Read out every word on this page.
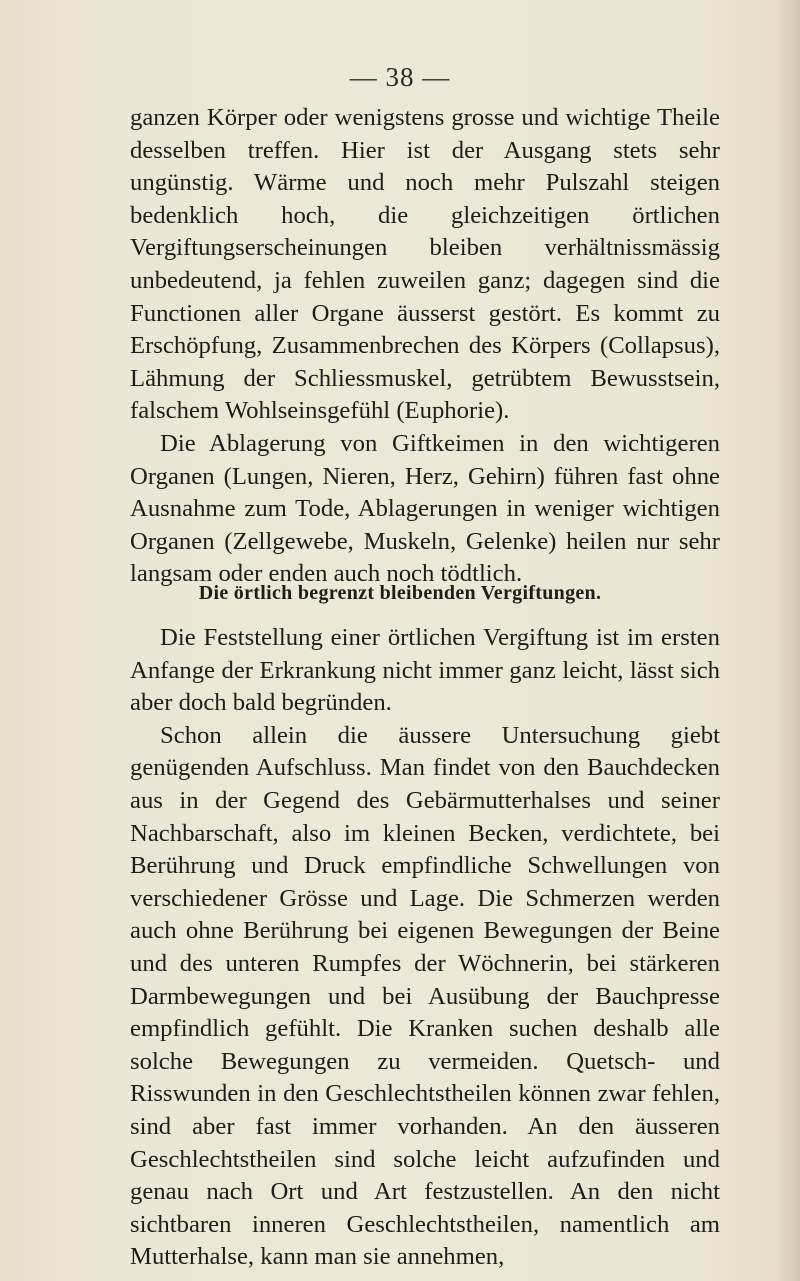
— 38 —

ganzen Körper oder wenigstens grosse und wichtige Theile desselben treffen. Hier ist der Ausgang stets sehr ungünstig. Wärme und noch mehr Pulszahl steigen bedenklich hoch, die gleichzeitigen örtlichen Vergiftungserscheinungen bleiben verhältnissmässig unbedeutend, ja fehlen zuweilen ganz; dagegen sind die Functionen aller Organe äusserst gestört. Es kommt zu Erschöpfung, Zusammenbrechen des Körpers (Collapsus), Lähmung der Schliessmuskel, getrübtem Bewusstsein, falschem Wohlseinsgefühl (Euphorie).

Die Ablagerung von Giftkeimen in den wichtigeren Organen (Lungen, Nieren, Herz, Gehirn) führen fast ohne Ausnahme zum Tode, Ablagerungen in weniger wichtigen Organen (Zellgewebe, Muskeln, Gelenke) heilen nur sehr langsam oder enden auch noch tödtlich.

Die örtlich begrenzt bleibenden Vergiftungen.

Die Feststellung einer örtlichen Vergiftung ist im ersten Anfange der Erkrankung nicht immer ganz leicht, lässt sich aber doch bald begründen.

Schon allein die äussere Untersuchung giebt genügenden Aufschluss. Man findet von den Bauchdecken aus in der Gegend des Gebärmutterhalses und seiner Nachbarschaft, also im kleinen Becken, verdichtete, bei Berührung und Druck empfindliche Schwellungen von verschiedener Grösse und Lage. Die Schmerzen werden auch ohne Berührung bei eigenen Bewegungen der Beine und des unteren Rumpfes der Wöchnerin, bei stärkeren Darmbewegungen und bei Ausübung der Bauchpresse empfindlich gefühlt. Die Kranken suchen deshalb alle solche Bewegungen zu vermeiden. Quetsch- und Risswunden in den Geschlechtstheilen können zwar fehlen, sind aber fast immer vorhanden. An den äusseren Geschlechtstheilen sind solche leicht aufzufinden und genau nach Ort und Art festzustellen. An den nicht sichtbaren inneren Geschlechtstheilen, namentlich am Mutterhalse, kann man sie annehmen,
